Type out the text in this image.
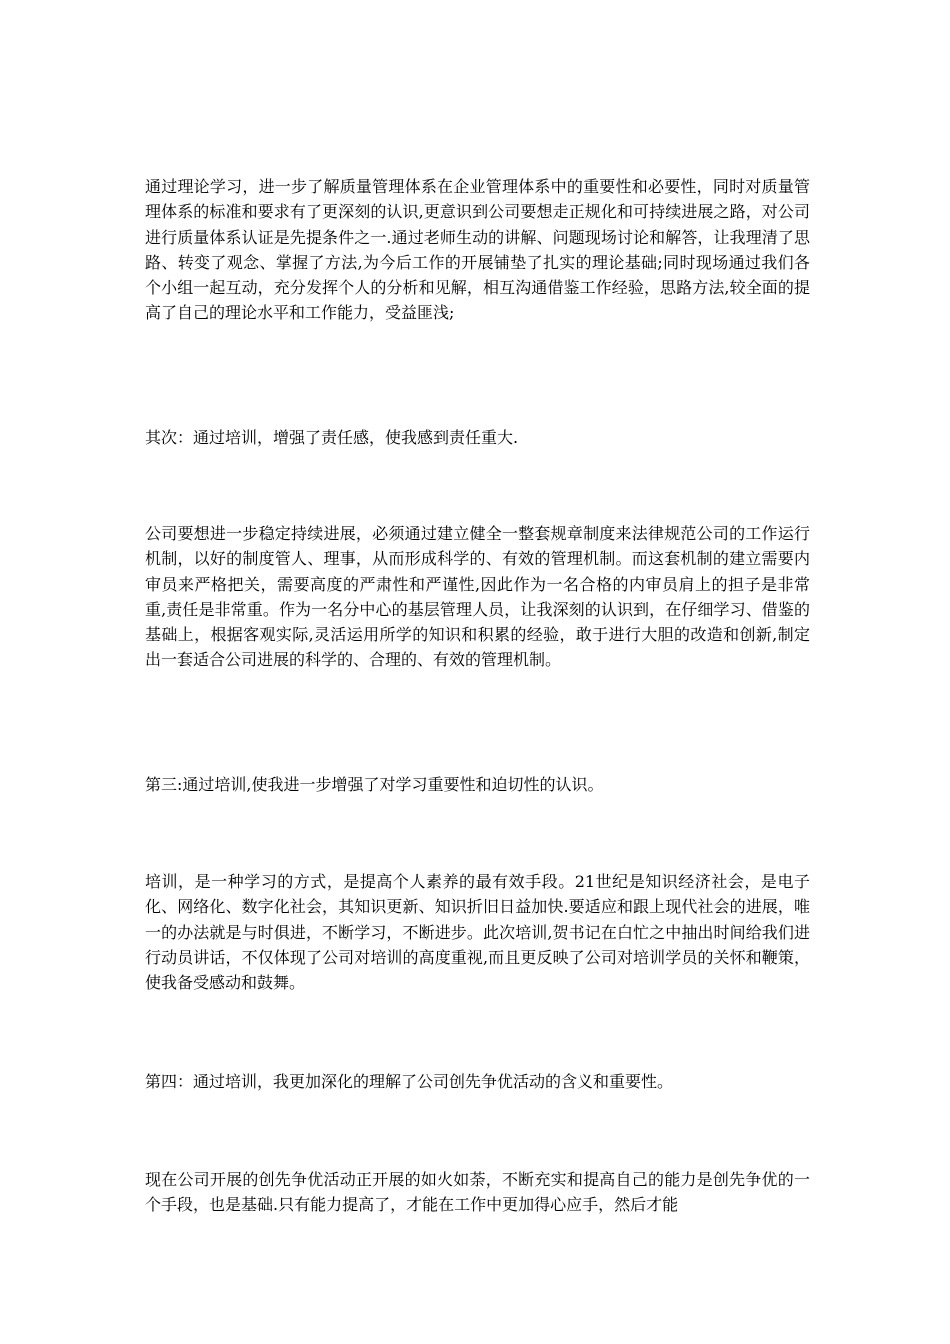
通过理论学习，进一步了解质量管理体系在企业管理体系中的重要性和必要性，同时对质量管理体系的标准和要求有了更深刻的认识,更意识到公司要想走正规化和可持续进展之路，对公司进行质量体系认证是先提条件之一.通过老师生动的讲解、问题现场讨论和解答，让我理清了思路、转变了观念、掌握了方法,为今后工作的开展铺垫了扎实的理论基础;同时现场通过我们各个小组一起互动，充分发挥个人的分析和见解，相互沟通借鉴工作经验，思路方法,较全面的提高了自己的理论水平和工作能力，受益匪浅;

其次：通过培训，增强了责任感，使我感到责任重大.

公司要想进一步稳定持续进展，必须通过建立健全一整套规章制度来法律规范公司的工作运行机制，以好的制度管人、理事，从而形成科学的、有效的管理机制。而这套机制的建立需要内审员来严格把关，需要高度的严肃性和严谨性,因此作为一名合格的内审员肩上的担子是非常重,责任是非常重。作为一名分中心的基层管理人员，让我深刻的认识到，在仔细学习、借鉴的基础上，根据客观实际,灵活运用所学的知识和积累的经验，敢于进行大胆的改造和创新,制定出一套适合公司进展的科学的、合理的、有效的管理机制。

第三:通过培训,使我进一步增强了对学习重要性和迫切性的认识。

培训，是一种学习的方式，是提高个人素养的最有效手段。21世纪是知识经济社会，是电子化、网络化、数字化社会，其知识更新、知识折旧日益加快.要适应和跟上现代社会的进展，唯一的办法就是与时俱进，不断学习，不断进步。此次培训,贺书记在白忙之中抽出时间给我们进行动员讲话，不仅体现了公司对培训的高度重视,而且更反映了公司对培训学员的关怀和鞭策，使我备受感动和鼓舞。

第四：通过培训，我更加深化的理解了公司创先争优活动的含义和重要性。

现在公司开展的创先争优活动正开展的如火如荼，不断充实和提高自己的能力是创先争优的一个手段，也是基础.只有能力提高了，才能在工作中更加得心应手，然后才能
